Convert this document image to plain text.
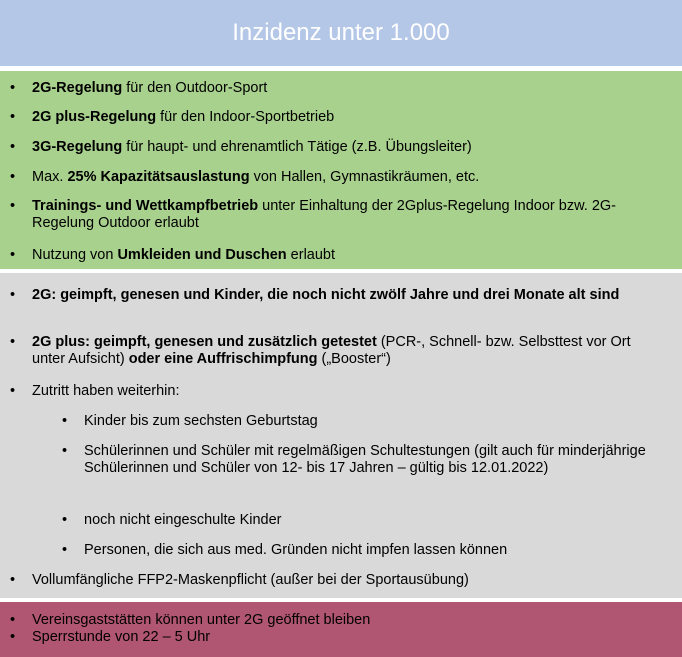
Inzidenz unter 1.000
• 2G-Regelung für den Outdoor-Sport
• 2G plus-Regelung für den Indoor-Sportbetrieb
• 3G-Regelung für haupt- und ehrenamtlich Tätige (z.B. Übungsleiter)
• Max. 25% Kapazitätsauslastung von Hallen, Gymnastikräumen, etc.
• Trainings- und Wettkampfbetrieb unter Einhaltung der 2Gplus-Regelung Indoor bzw. 2G-Regelung Outdoor erlaubt
• Nutzung von Umkleiden und Duschen erlaubt
• 2G: geimpft, genesen und Kinder, die noch nicht zwölf Jahre und drei Monate alt sind
• 2G plus: geimpft, genesen und zusätzlich getestet (PCR-, Schnell- bzw. Selbsttest vor Ort unter Aufsicht) oder eine Auffrischimpfung („Booster“)
• Zutritt haben weiterhin:
• Kinder bis zum sechsten Geburtstag
• Schülerinnen und Schüler mit regelmäßigen Schultestungen (gilt auch für minderjährige Schülerinnen und Schüler von 12- bis 17 Jahren – gültig bis 12.01.2022)
• noch nicht eingeschulte Kinder
• Personen, die sich aus med. Gründen nicht impfen lassen können
• Vollumfängliche FFP2-Maskenpflicht (außer bei der Sportausübung)
• Vereinsgaststätten können unter 2G geöffnet bleiben
• Sperrstunde von 22 – 5 Uhr
